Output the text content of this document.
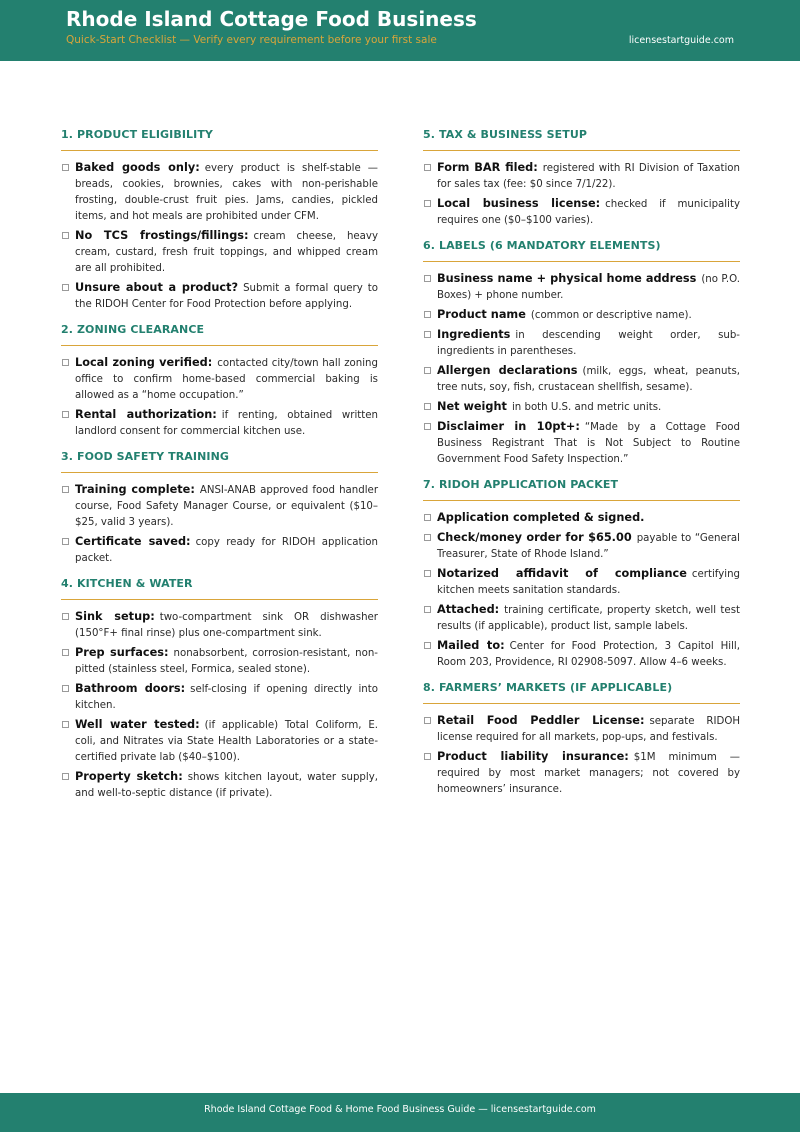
Rhode Island Cottage Food Business
Quick-Start Checklist — Verify every requirement before your first sale	licensestartguide.com
1. PRODUCT ELIGIBILITY
Baked goods only: every product is shelf-stable — breads, cookies, brownies, cakes with non-perishable frosting, double-crust fruit pies. Jams, candies, pickled items, and hot meals are prohibited under CFM.
No TCS frostings/fillings: cream cheese, heavy cream, custard, fresh fruit toppings, and whipped cream are all prohibited.
Unsure about a product? Submit a formal query to the RIDOH Center for Food Protection before applying.
2. ZONING CLEARANCE
Local zoning verified: contacted city/town hall zoning office to confirm home-based commercial baking is allowed as a “home occupation.”
Rental authorization: if renting, obtained written landlord consent for commercial kitchen use.
3. FOOD SAFETY TRAINING
Training complete: ANSI-ANAB approved food handler course, Food Safety Manager Course, or equivalent ($10–$25, valid 3 years).
Certificate saved: copy ready for RIDOH application packet.
4. KITCHEN & WATER
Sink setup: two-compartment sink OR dishwasher (150°F+ final rinse) plus one-compartment sink.
Prep surfaces: nonabsorbent, corrosion-resistant, non-pitted (stainless steel, Formica, sealed stone).
Bathroom doors: self-closing if opening directly into kitchen.
Well water tested: (if applicable) Total Coliform, E. coli, and Nitrates via State Health Laboratories or a state-certified private lab ($40–$100).
Property sketch: shows kitchen layout, water supply, and well-to-septic distance (if private).
5. TAX & BUSINESS SETUP
Form BAR filed: registered with RI Division of Taxation for sales tax (fee: $0 since 7/1/22).
Local business license: checked if municipality requires one ($0–$100 varies).
6. LABELS (6 MANDATORY ELEMENTS)
Business name + physical home address (no P.O. Boxes) + phone number.
Product name (common or descriptive name).
Ingredients in descending weight order, sub-ingredients in parentheses.
Allergen declarations (milk, eggs, wheat, peanuts, tree nuts, soy, fish, crustacean shellfish, sesame).
Net weight in both U.S. and metric units.
Disclaimer in 10pt+: “Made by a Cottage Food Business Registrant That is Not Subject to Routine Government Food Safety Inspection.”
7. RIDOH APPLICATION PACKET
Application completed & signed.
Check/money order for $65.00 payable to “General Treasurer, State of Rhode Island.”
Notarized affidavit of compliance certifying kitchen meets sanitation standards.
Attached: training certificate, property sketch, well test results (if applicable), product list, sample labels.
Mailed to: Center for Food Protection, 3 Capitol Hill, Room 203, Providence, RI 02908-5097. Allow 4–6 weeks.
8. FARMERS’ MARKETS (IF APPLICABLE)
Retail Food Peddler License: separate RIDOH license required for all markets, pop-ups, and festivals.
Product liability insurance: $1M minimum — required by most market managers; not covered by homeowners’ insurance.
Rhode Island Cottage Food & Home Food Business Guide — licensestartguide.com
